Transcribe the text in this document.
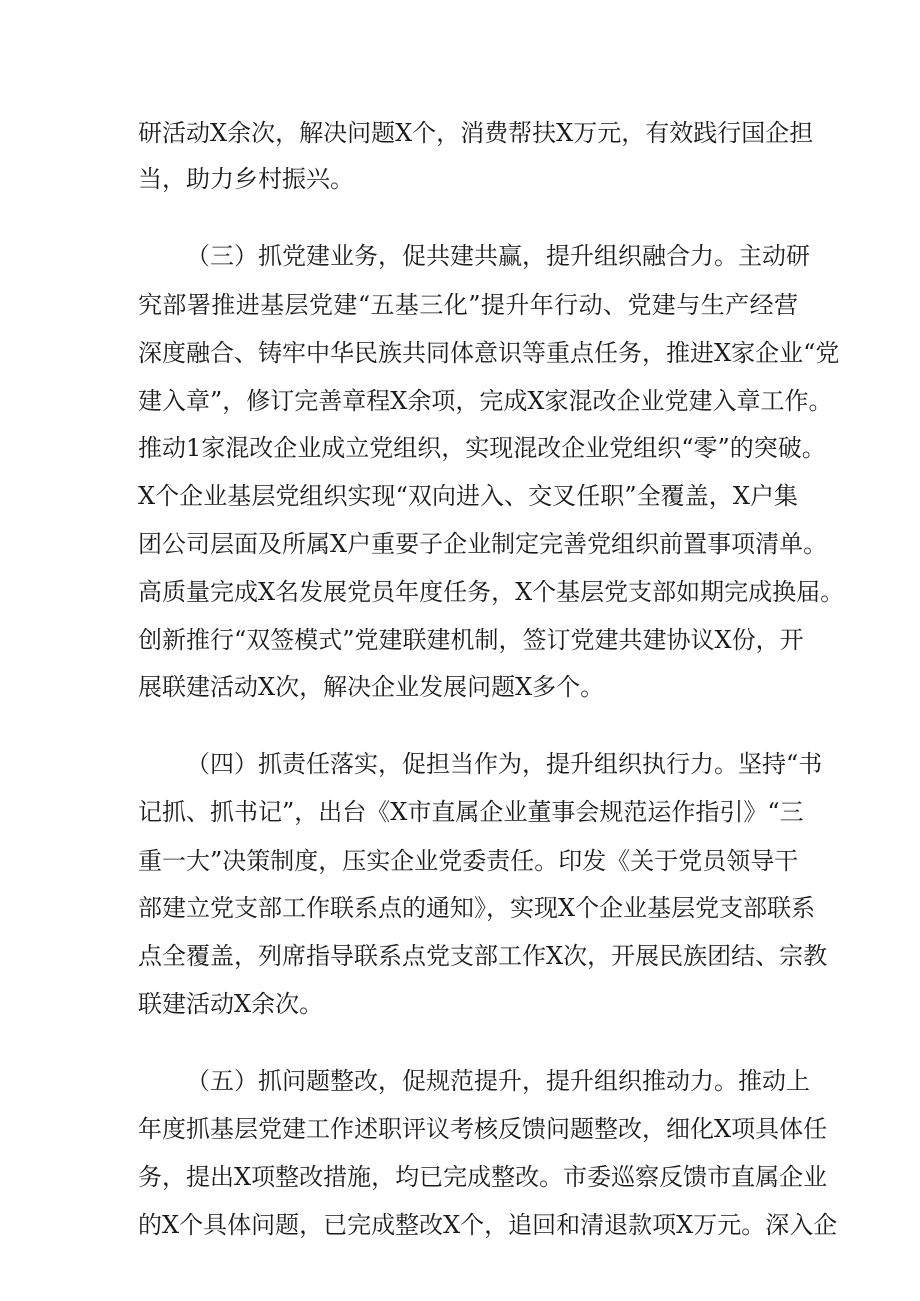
研活动X余次，解决问题X个，消费帮扶X万元，有效践行国企担
当，助力乡村振兴。
（三）抓党建业务，促共建共赢，提升组织融合力。主动研
究部署推进基层党建“五基三化”提升年行动、党建与生产经营
深度融合、铸牢中华民族共同体意识等重点任务，推进X家企业“党
建入章”，修订完善章程X余项，完成X家混改企业党建入章工作。
推动1家混改企业成立党组织，实现混改企业党组织“零”的突破。
X个企业基层党组织实现“双向进入、交叉任职”全覆盖，X户集
团公司层面及所属X户重要子企业制定完善党组织前置事项清单。
高质量完成X名发展党员年度任务，X个基层党支部如期完成换届。
创新推行“双签模式”党建联建机制，签订党建共建协议X份，开
展联建活动X次，解决企业发展问题X多个。
（四）抓责任落实，促担当作为，提升组织执行力。坚持“书
记抓、抓书记”，出台《X市直属企业董事会规范运作指引》“三
重一大”决策制度，压实企业党委责任。印发《关于党员领导干
部建立党支部工作联系点的通知》，实现X个企业基层党支部联系
点全覆盖，列席指导联系点党支部工作X次，开展民族团结、宗教
联建活动X余次。
（五）抓问题整改，促规范提升，提升组织推动力。推动上
年度抓基层党建工作述职评议考核反馈问题整改，细化X项具体任
务，提出X项整改措施，均已完成整改。市委巡察反馈市直属企业
的X个具体问题，已完成整改X个，追回和清退款项X万元。深入企
